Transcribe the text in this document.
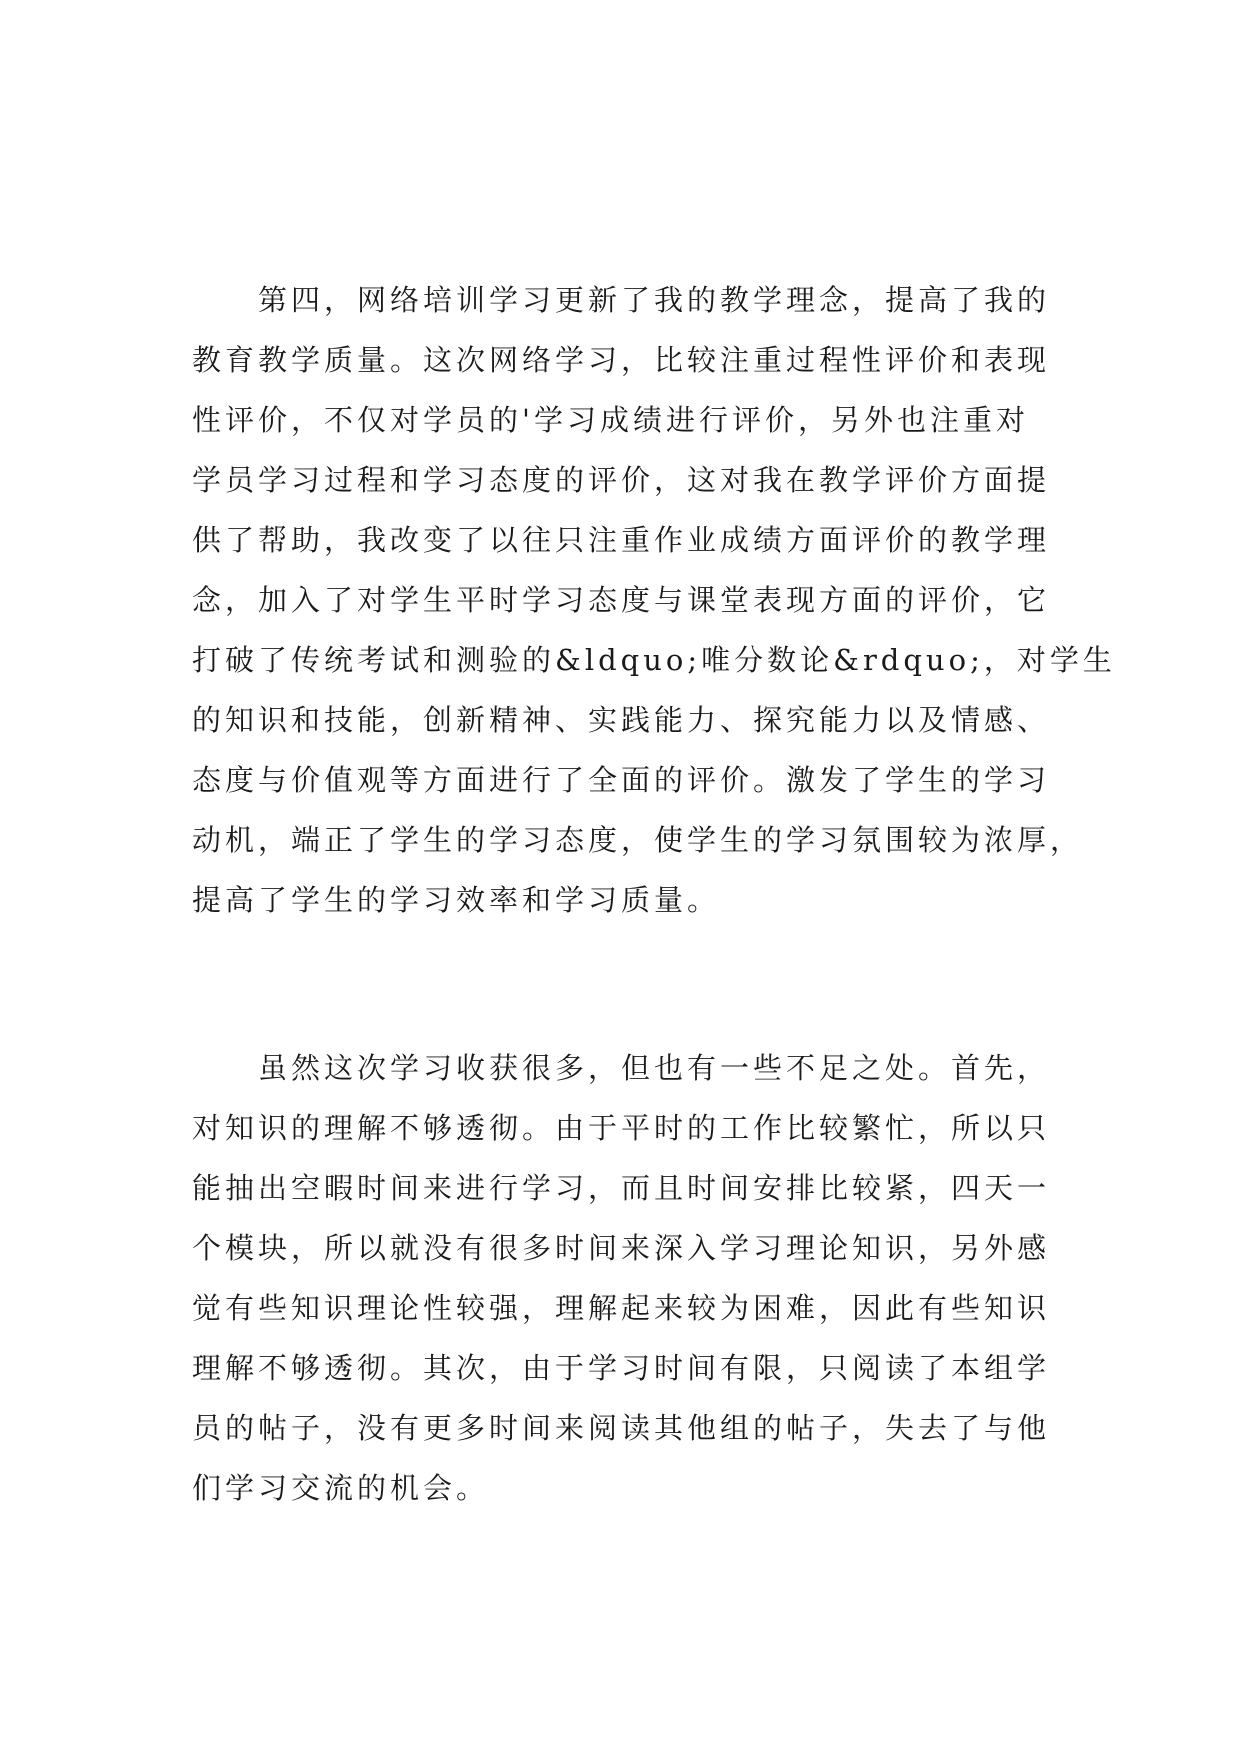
第四，网络培训学习更新了我的教学理念，提高了我的
教育教学质量。这次网络学习，比较注重过程性评价和表现
性评价，不仅对学员的'学习成绩进行评价，另外也注重对
学员学习过程和学习态度的评价，这对我在教学评价方面提
供了帮助，我改变了以往只注重作业成绩方面评价的教学理
念，加入了对学生平时学习态度与课堂表现方面的评价，它
打破了传统考试和测验的&ldquo;唯分数论&rdquo;，对学生
的知识和技能，创新精神、实践能力、探究能力以及情感、
态度与价值观等方面进行了全面的评价。激发了学生的学习
动机，端正了学生的学习态度，使学生的学习氛围较为浓厚，
提高了学生的学习效率和学习质量。
虽然这次学习收获很多，但也有一些不足之处。首先，
对知识的理解不够透彻。由于平时的工作比较繁忙，所以只
能抽出空暇时间来进行学习，而且时间安排比较紧，四天一
个模块，所以就没有很多时间来深入学习理论知识，另外感
觉有些知识理论性较强，理解起来较为困难，因此有些知识
理解不够透彻。其次，由于学习时间有限，只阅读了本组学
员的帖子，没有更多时间来阅读其他组的帖子，失去了与他
们学习交流的机会。
